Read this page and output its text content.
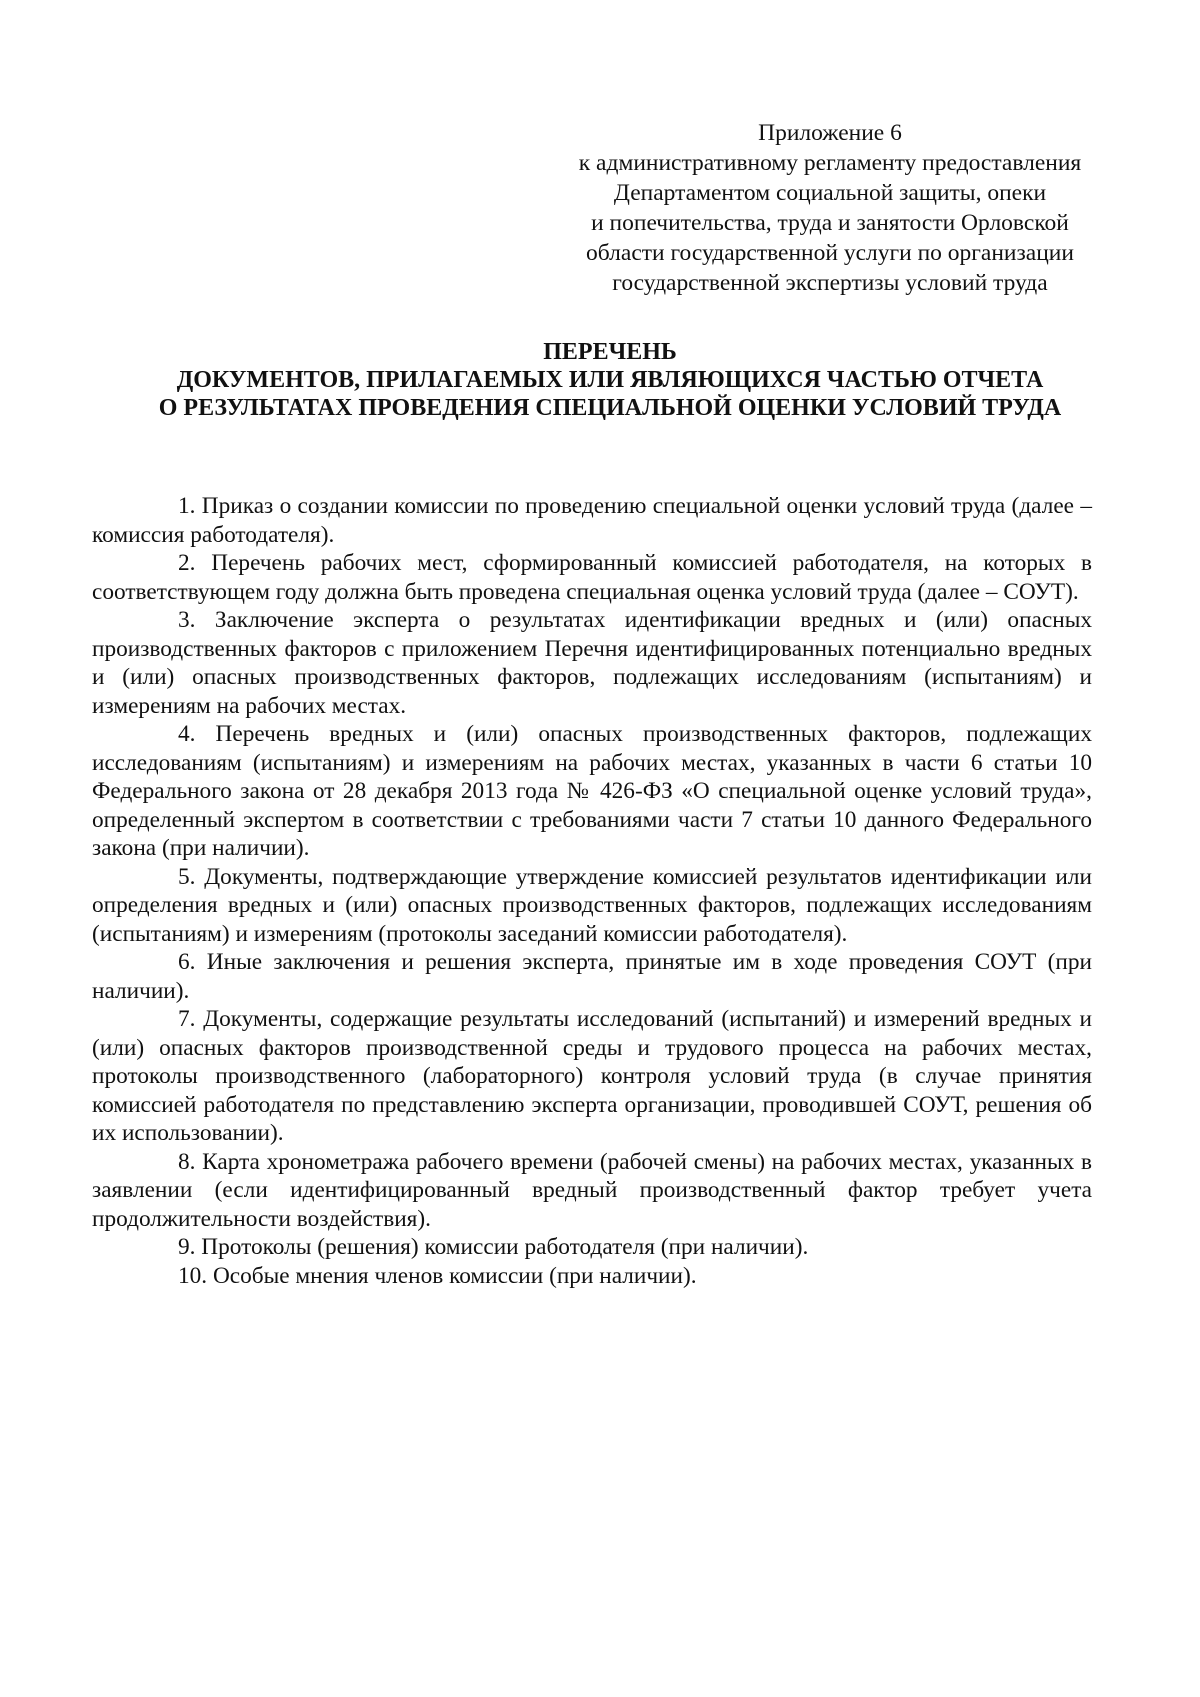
Приложение 6
к административному регламенту предоставления
Департаментом социальной защиты, опеки
и попечительства, труда и занятости Орловской
области государственной услуги по организации
государственной экспертизы условий труда
ПЕРЕЧЕНЬ
ДОКУМЕНТОВ, ПРИЛАГАЕМЫХ ИЛИ ЯВЛЯЮЩИХСЯ ЧАСТЬЮ ОТЧЕТА
О РЕЗУЛЬТАТАХ ПРОВЕДЕНИЯ СПЕЦИАЛЬНОЙ ОЦЕНКИ УСЛОВИЙ ТРУДА

1. Приказ о создании комиссии по проведению специальной оценки условий труда (далее – комиссия работодателя).

2. Перечень рабочих мест, сформированный комиссией работодателя, на которых в соответствующем году должна быть проведена специальная оценка условий труда (далее – СОУТ).

3. Заключение эксперта о результатах идентификации вредных и (или) опасных производственных факторов с приложением Перечня идентифицированных потенциально вредных и (или) опасных производственных факторов, подлежащих исследованиям (испытаниям) и измерениям на рабочих местах.

4. Перечень вредных и (или) опасных производственных факторов, подлежащих исследованиям (испытаниям) и измерениям на рабочих местах, указанных в части 6 статьи 10 Федерального закона от 28 декабря 2013 года № 426-ФЗ «О специальной оценке условий труда», определенный экспертом в соответствии с требованиями части 7 статьи 10 данного Федерального закона (при наличии).

5. Документы, подтверждающие утверждение комиссией результатов идентификации или определения вредных и (или) опасных производственных факторов, подлежащих исследованиям (испытаниям) и измерениям (протоколы заседаний комиссии работодателя).

6. Иные заключения и решения эксперта, принятые им в ходе проведения СОУТ (при наличии).

7. Документы, содержащие результаты исследований (испытаний) и измерений вредных и (или) опасных факторов производственной среды и трудового процесса на рабочих местах, протоколы производственного (лабораторного) контроля условий труда (в случае принятия комиссией работодателя по представлению эксперта организации, проводившей СОУТ, решения об их использовании).

8. Карта хронометража рабочего времени (рабочей смены) на рабочих местах, указанных в заявлении (если идентифицированный вредный производственный фактор требует учета продолжительности воздействия).

9. Протоколы (решения) комиссии работодателя (при наличии).

10. Особые мнения членов комиссии (при наличии).
